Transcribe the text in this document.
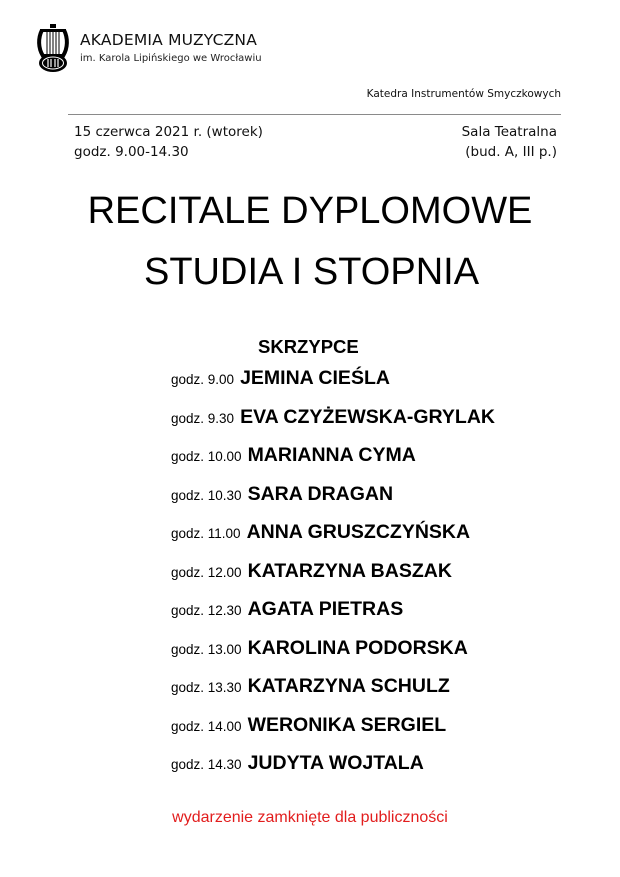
AKADEMIA MUZYCZNA
im. Karola Lipińskiego we Wrocławiu
Katedra Instrumentów Smyczkowych
15 czerwca 2021 r. (wtorek)
godz. 9.00-14.30
Sala Teatralna
(bud. A, III p.)
RECITALE DYPLOMOWE
STUDIA I STOPNIA
SKRZYPCE
godz. 9.00 JEMINA CIEŚLA
godz. 9.30 EVA CZYŻEWSKA-GRYLAK
godz. 10.00 MARIANNA CYMA
godz. 10.30 SARA DRAGAN
godz. 11.00 ANNA GRUSZCZYŃSKA
godz. 12.00 KATARZYNA BASZAK
godz. 12.30 AGATA PIETRAS
godz. 13.00 KAROLINA PODORSKA
godz. 13.30 KATARZYNA SCHULZ
godz. 14.00 WERONIKA SERGIEL
godz. 14.30 JUDYTA WOJTALA
wydarzenie zamknięte dla publiczności
